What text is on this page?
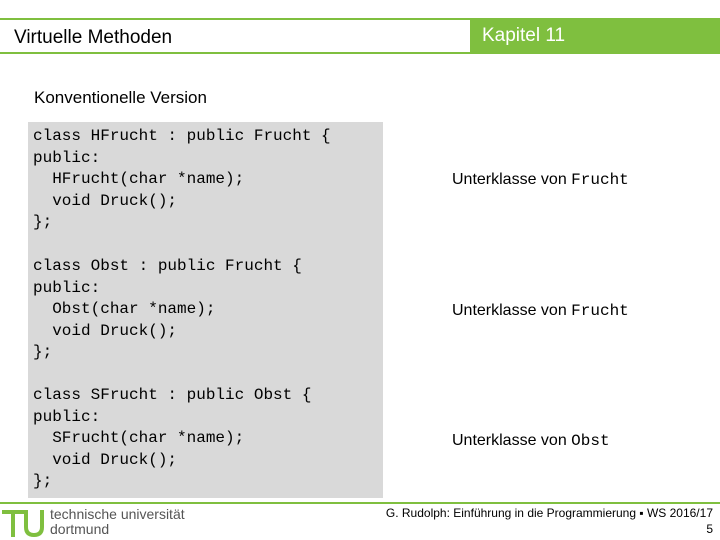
Virtuelle Methoden	Kapitel 11
Konventionelle Version
class HFrucht : public Frucht {
public:
HFrucht(char *name);
void Druck();
};
class Obst : public Frucht {
public:
Obst(char *name);
void Druck();
};
class SFrucht : public Obst {
public:
SFrucht(char *name);
void Druck();
};
Unterklasse von Frucht
Unterklasse von Frucht
Unterklasse von Obst
technische universität
dortmund
G. Rudolph: Einführung in die Programmierung ▪ WS 2016/17
5
